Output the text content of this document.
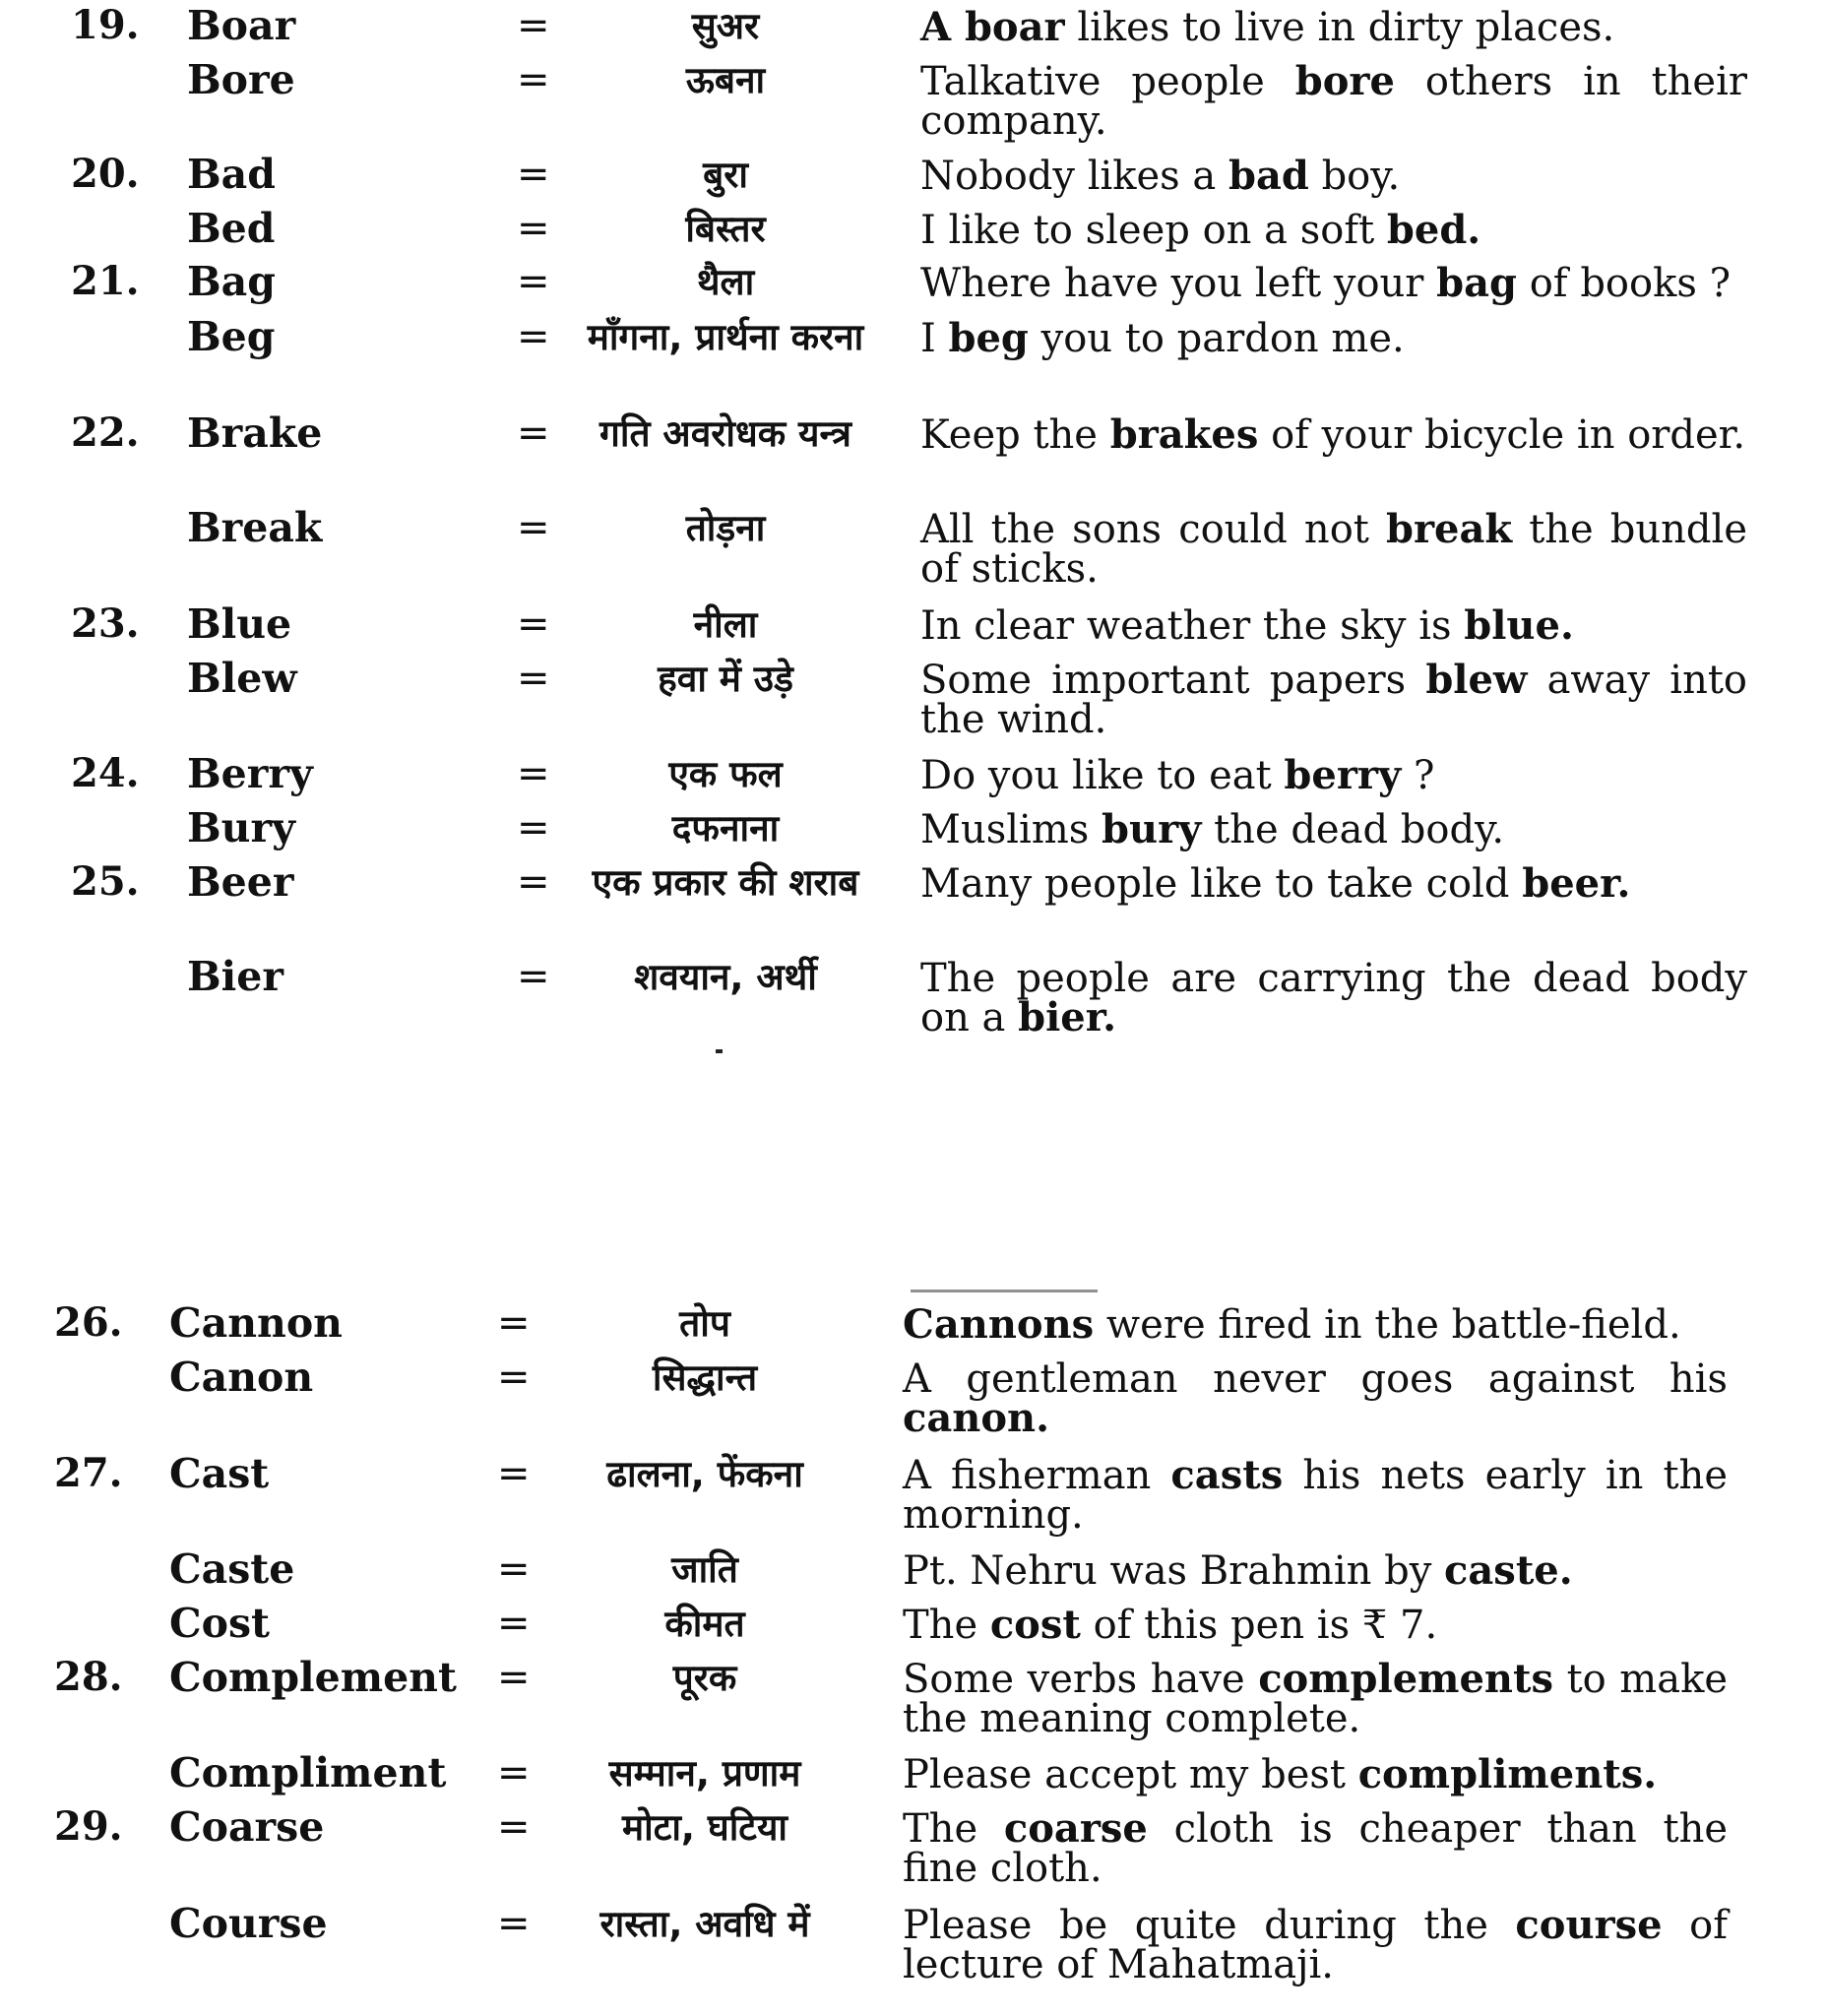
19. Boar	=	सुअर	A boar likes to live in dirty places.
Bore	=	ऊबना	Talkative people bore others in their company.
20. Bad	=	बुरा	Nobody likes a bad boy.
Bed	=	बिस्तर	I like to sleep on a soft bed.
21. Bag	=	थैला	Where have you left your bag of books ?
Beg	= माँगना, प्रार्थना करना I beg you to pardon me.
22. Brake	=	गति अवरोधक यन्त्र	Keep the brakes of your bicycle in order.
Break	=	तोड़ना	All the sons could not break the bundle of sticks.
23. Blue	=	नीला	In clear weather the sky is blue.
Blew	=	हवा में उड़े	Some important papers blew away into the wind.
24. Berry	=	एक फल	Do you like to eat berry ?
Bury	=	दफनाना	Muslims bury the dead body.
25. Beer	= एक प्रकार की शराब Many people like to take cold beer.
Bier	=	शवयान, अर्थी	The people are carrying the dead body on a bier.
26. Cannon	=	तोप	Cannons were fired in the battle-field.
Canon	=	सिद्धान्त	A gentleman never goes against his canon.
27. Cast	=	ढालना, फेंकना	A fisherman casts his nets early in the morning.
Caste	=	जाति	Pt. Nehru was Brahmin by caste.
Cost	=	कीमत	The cost of this pen is ₹ 7.
28. Complement =	पूरक	Some verbs have complements to make the meaning complete.
Compliment =	सम्मान, प्रणाम	Please accept my best compliments.
29. Coarse	=	मोटा, घटिया	The coarse cloth is cheaper than the fine cloth.
Course	=	रास्ता, अवधि में	Please be quite during the course of lecture of Mahatmaji.
